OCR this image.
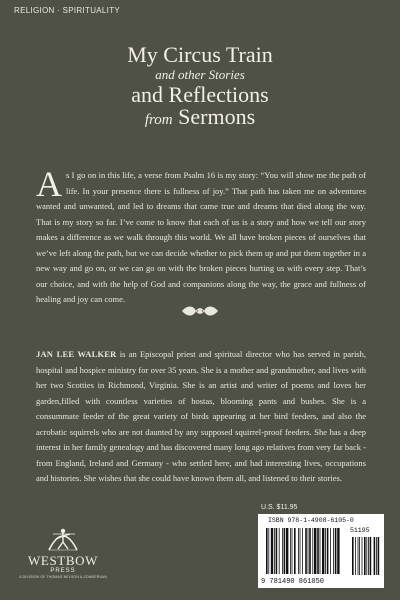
RELIGION · SPIRITUALITY
My Circus Train
and other Stories
and Reflections
from Sermons
As I go on in this life, a verse from Psalm 16 is my story: “You will show me the path of life. In your presence there is fullness of joy.” That path has taken me on adventures wanted and unwanted, and led to dreams that came true and dreams that died along the way. That is my story so far. I’ve come to know that each of us is a story and how we tell our story makes a difference as we walk through this world. We all have broken pieces of ourselves that we’ve left along the path, but we can decide whether to pick them up and put them together in a new way and go on, or we can go on with the broken pieces hurting us with every step. That’s our choice, and with the help of God and companions along the way, the grace and fullness of healing and joy can come.
JAN LEE WALKER is an Episcopal priest and spiritual director who has served in parish, hospital and hospice ministry for over 35 years. She is a mother and grandmother, and lives with her two Scotties in Richmond, Virginia. She is an artist and writer of poems and loves her garden,filled with countless varieties of hostas, blooming pants and bushes. She is a consummate feeder of the great variety of birds appearing at her bird feeders, and also the acrobatic squirrels who are not daunted by any supposed squirrel-proof feeders. She has a deep interest in her family genealogy and has discovered many long ago relatives from very far back - from England, Ireland and Germany - who settled here, and had interesting lives, occupations and histories. She wishes that she could have known them all, and listened to their stories.
WESTBOW
PRESS
A DIVISION OF THOMAS NELSON & ZONDERVAN
U.S. $11.95
ISBN 978-1-4908-6105-0
51195
9 781490 861050
